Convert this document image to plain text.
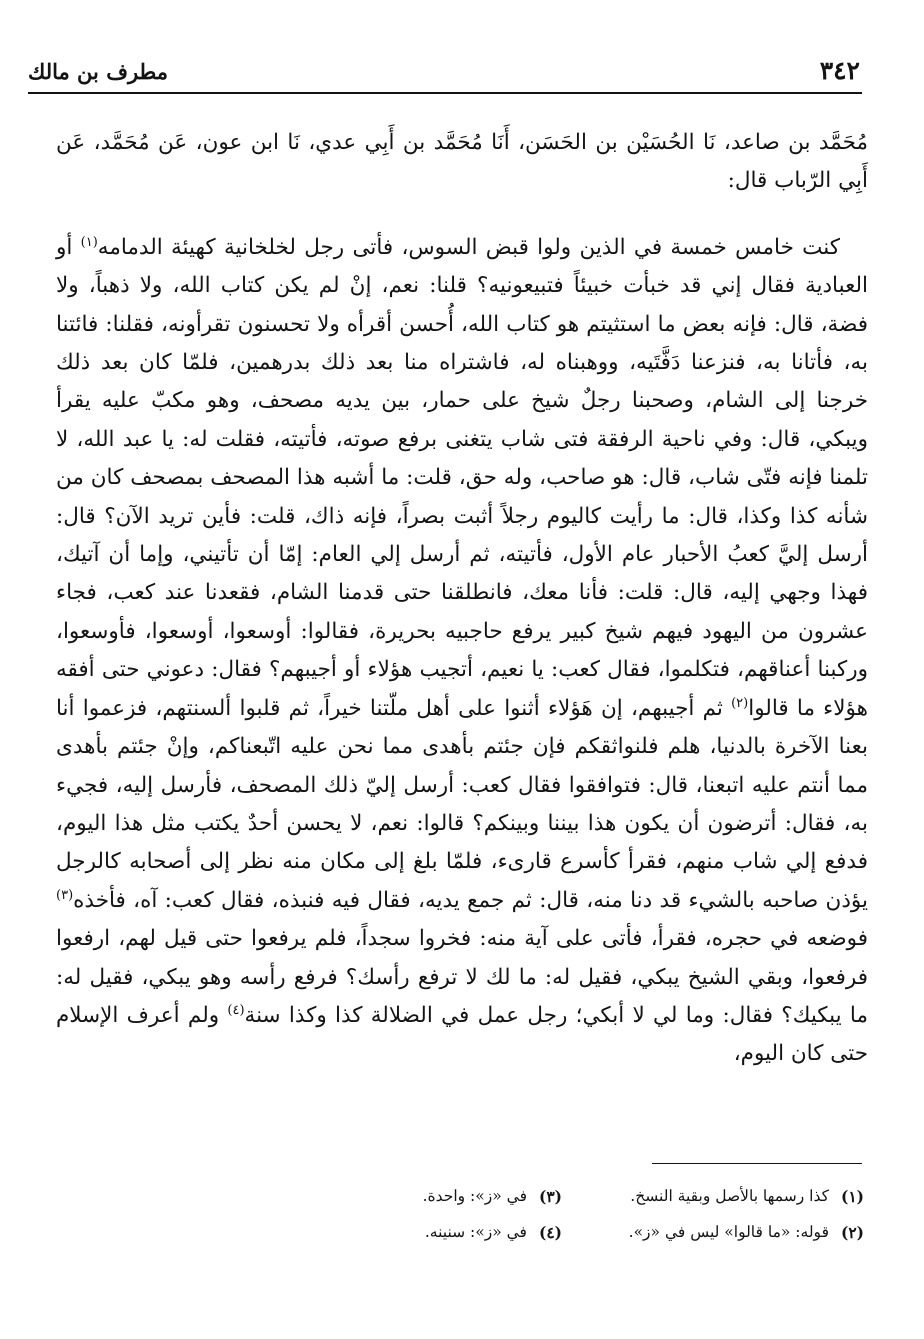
٣٤٢
مطرف بن مالك

مُحَمَّد بن صاعد، نَا الحُسَيْن بن الحَسَن، أَنَا مُحَمَّد بن أَبِي عدي، نَا ابن عون، عَن مُحَمَّد، عَن أَبِي الرّباب قال:

كنت خامس خمسة في الذين ولوا قبض السوس، فأتى رجل لخلخانية كهيئة الدمامه$^{(١)}$ أو العبادية فقال إني قد خبأت خبيئاً فتبيعونيه؟ قلنا: نعم، إنْ لم يكن كتاب الله، ولا ذهباً، ولا فضة، قال: فإنه بعض ما استثيتم هو كتاب الله، أُحسن أقرأه ولا تحسنون تقرأونه، فقلنا: فائتنا به، فأتانا به، فنزعنا دَفَّتَيه، ووهبناه له، فاشتراه منا بعد ذلك بدرهمين، فلمّا كان بعد ذلك خرجنا إلى الشام، وصحبنا رجلٌ شيخ على حمار، بين يديه مصحف، وهو مكبّ عليه يقرأ ويبكي، قال: وفي ناحية الرفقة فتى شاب يتغنى برفع صوته، فأتيته، فقلت له: يا عبد الله، لا تلمنا فإنه فتّى شاب، قال: هو صاحب، وله حق، قلت: ما أشبه هذا المصحف بمصحف كان من شأنه كذا وكذا، قال: ما رأيت كاليوم رجلاً أثبت بصراً، فإنه ذاك، قلت: فأين تريد الآن؟ قال: أرسل إليَّ كعبُ الأحبار عام الأول، فأتيته، ثم أرسل إلي العام: إمّا أن تأتيني، وإما أن آتيك، فهذا وجهي إليه، قال: قلت: فأنا معك، فانطلقنا حتى قدمنا الشام، فقعدنا عند كعب، فجاء عشرون من اليهود فيهم شيخ كبير يرفع حاجبيه بحريرة، فقالوا: أوسعوا، أوسعوا، فأوسعوا، وركبنا أعناقهم، فتكلموا، فقال كعب: يا نعيم، أتجيب هؤلاء أو أجيبهم؟ فقال: دعوني حتى أفقه هؤلاء ما قالوا$^{(٢)}$ ثم أجيبهم، إن هَؤلاء أثنوا على أهل ملّتنا خيراً، ثم قلبوا ألسنتهم، فزعموا أنا بعنا الآخرة بالدنيا، هلم فلنواثقكم فإن جئتم بأهدى مما نحن عليه اتّبعناكم، وإنْ جئتم بأهدى مما أنتم عليه اتبعنا، قال: فتوافقوا فقال كعب: أرسل إليّ ذلك المصحف، فأرسل إليه، فجيء به، فقال: أترضون أن يكون هذا بيننا وبينكم؟ قالوا: نعم، لا يحسن أحدٌ يكتب مثل هذا اليوم، فدفع إلي شاب منهم، فقرأ كأسرع قارىء، فلمّا بلغ إلى مكان منه نظر إلى أصحابه كالرجل يؤذن صاحبه بالشيء قد دنا منه، قال: ثم جمع يديه، فقال فيه فنبذه، فقال كعب: آه، فأخذه$^{(٣)}$ فوضعه في حجره، فقرأ، فأتى على آية منه: فخروا سجداً، فلم يرفعوا حتى قيل لهم، ارفعوا فرفعوا، وبقي الشيخ يبكي، فقيل له: ما لك لا ترفع رأسك؟ فرفع رأسه وهو يبكي، فقيل له: ما يبكيك؟ فقال: وما لي لا أبكي؛ رجل عمل في الضلالة كذا وكذا سنة$^{(٤)}$ ولم أعرف الإسلام حتى كان اليوم،

(١)
كذا رسمها بالأصل وبقية النسخ.
(٣)
في «ز»: واحدة.
(٢)
قوله: «ما قالوا» ليس في «ز».
(٤)
في «ز»: سنينه.
